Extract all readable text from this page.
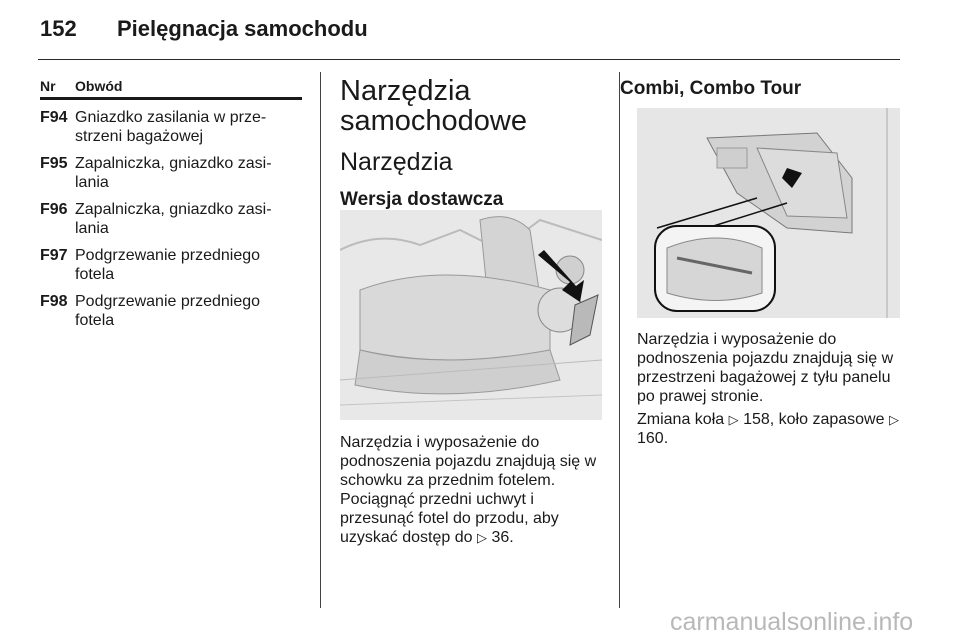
152 Pielęgnacja samochodu
Nr	Obwód
F94 Gniazdko zasilania w prze-strzeni bagażowej
F95 Zapalniczka, gniazdko zasi-lania
F96 Zapalniczka, gniazdko zasi-lania
F97 Podgrzewanie przedniego fotela
F98 Podgrzewanie przedniego fotela
Narzędzia samochodowe
Narzędzia
Wersja dostawcza
Narzędzia i wyposażenie do podnoszenia pojazdu znajdują się w schowku za przednim fotelem. Pociągnąć przedni uchwyt i przesunąć fotel do przodu, aby uzyskać dostęp do ▷ 36.
Combi, Combo Tour

Narzędzia i wyposażenie do podnoszenia pojazdu znajdują się w przestrzeni bagażowej z tyłu panelu po prawej stronie.

Zmiana koła ▷ 158, koło zapasowe ▷ 160.
carmanualsonline.info
